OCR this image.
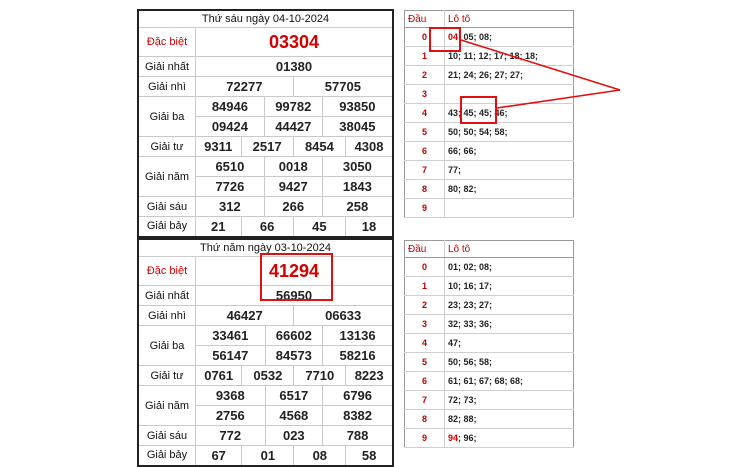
Thứ sáu ngày 04-10-2024						
Đặc biệt	03304					
Giải nhất	01380					
Giải nhì	72277			57705		
Giải ba	84946		99782		93850	
	09424		44427		38045	
Giải tư	9311	2517		8454		4308
Giải năm	6510		0018		3050	
	7726		9427		1843	
Giải sáu	312		266		258	
Giải bảy	21	66		45		18
Đầu	Lô tô
0	04; 05; 08;
1	10; 11; 12; 17; 18; 18;
2	21; 24; 26; 27; 27;
3	
4	43; 45; 45; 46;
5	50; 50; 54; 58;
6	66; 66;
7	77;
8	80; 82;
9	
Thứ năm ngày 03-10-2024						
Đặc biệt	41294					
Giải nhất	56950					
Giải nhì	46427			06633		
Giải ba	33461		66602		13136	
	56147		84573		58216	
Giải tư	0761	0532		7710		8223
Giải năm	9368		6517		6796	
	2756		4568		8382	
Giải sáu	772		023		788	
Giải bảy	67	01		08		58
Đầu	Lô tô
0	01; 02; 08;
1	10; 16; 17;
2	23; 23; 27;
3	32; 33; 36;
4	47;
5	50; 56; 58;
6	61; 61; 67; 68; 68;
7	72; 73;
8	82; 88;
9	94; 96;
